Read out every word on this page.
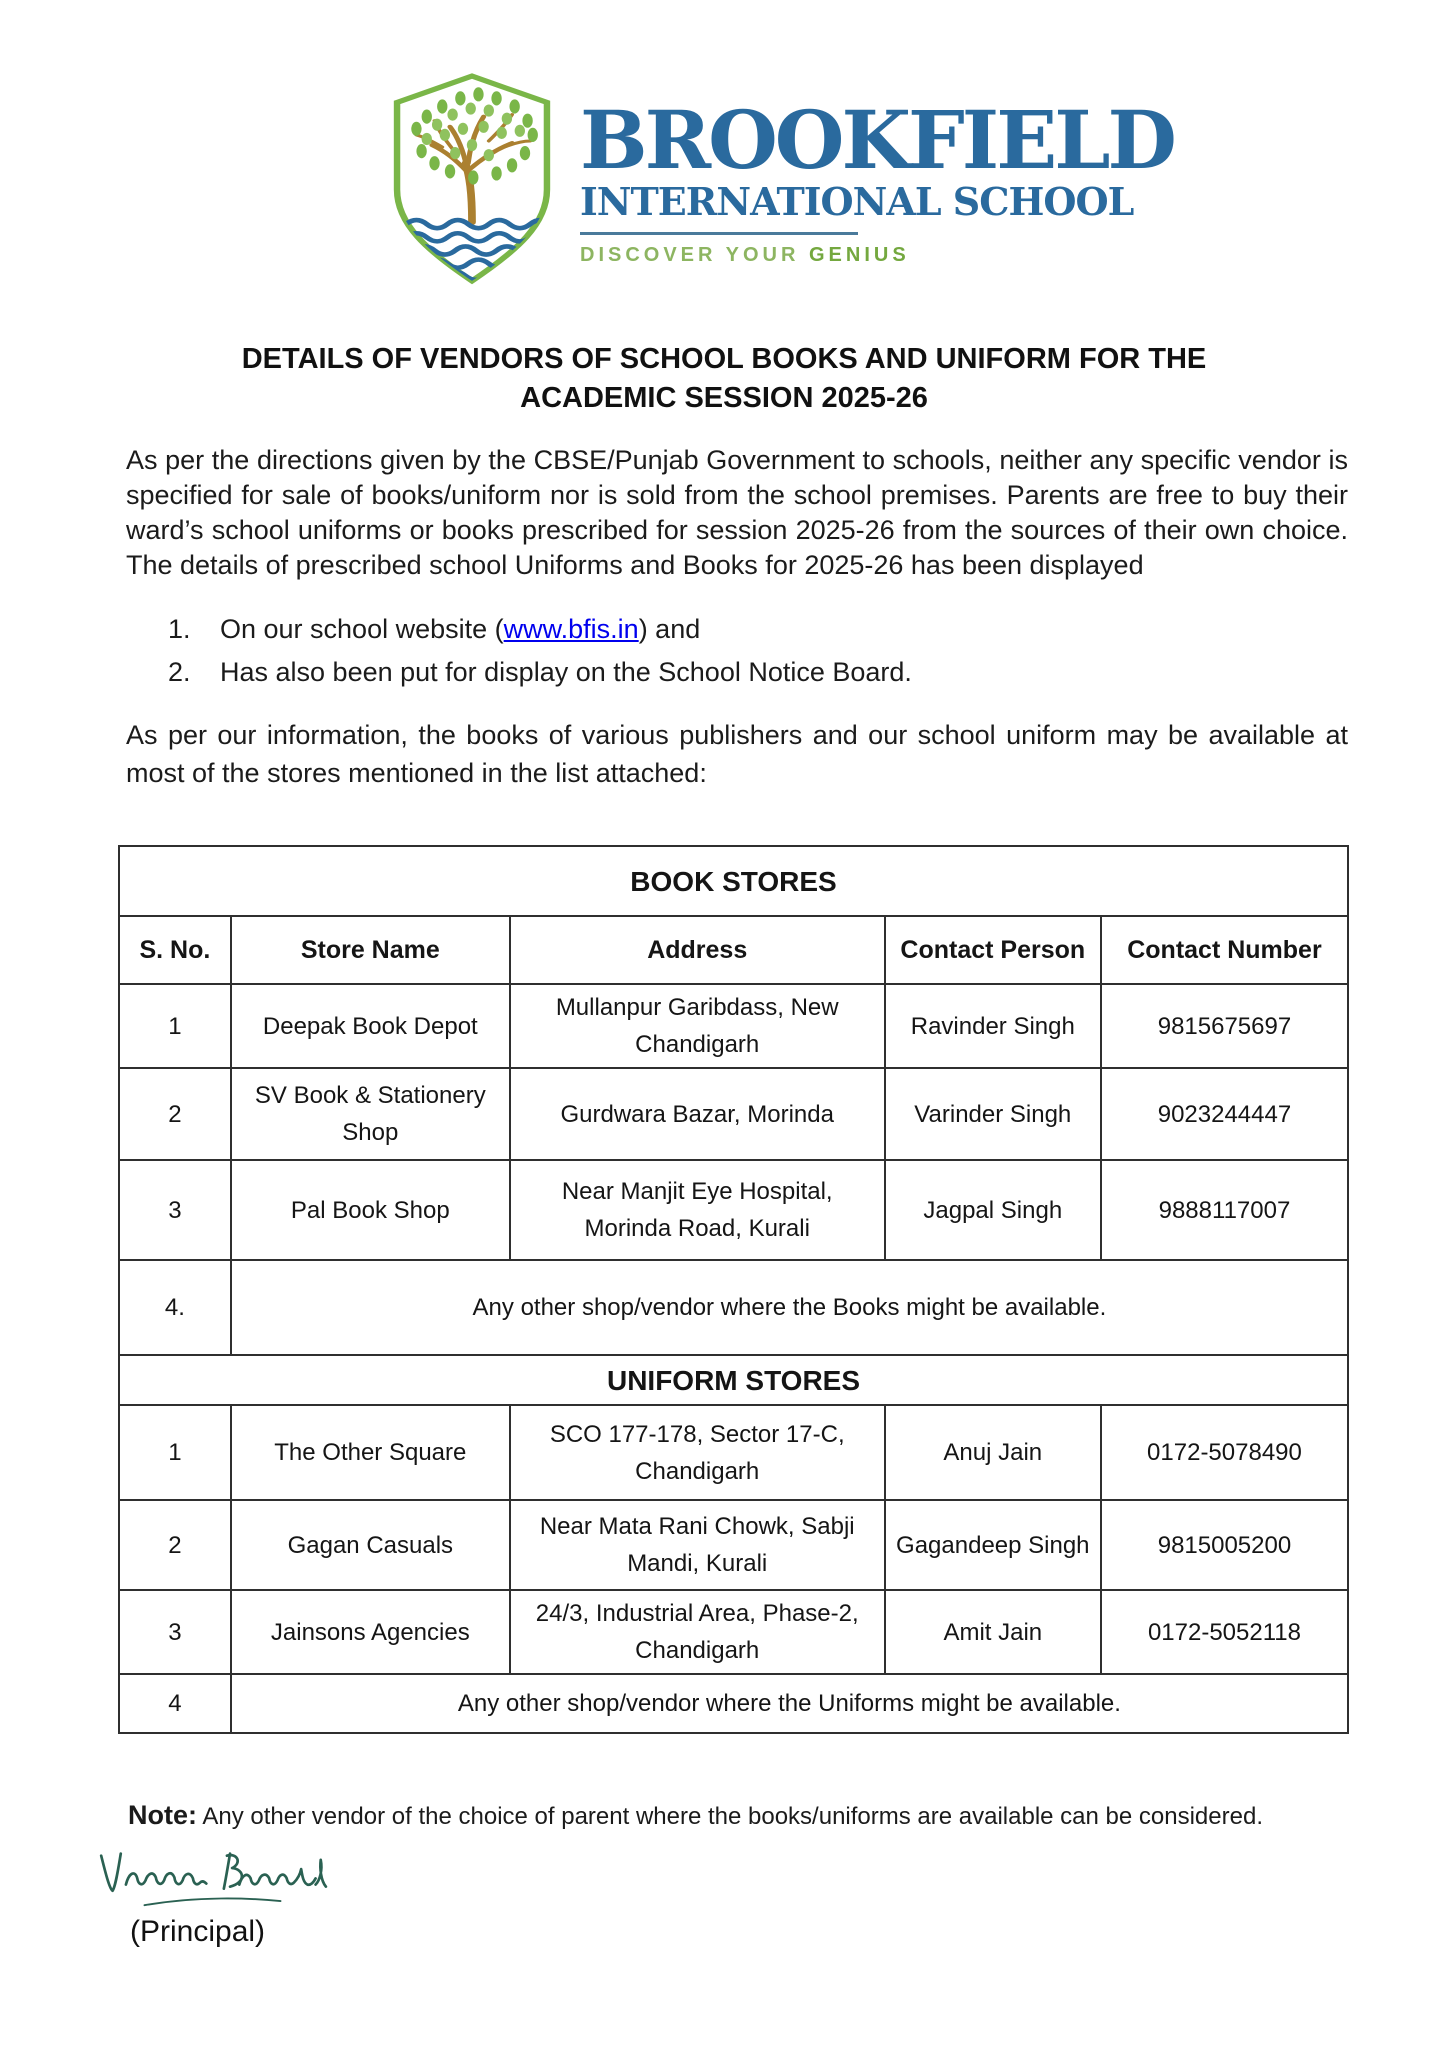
BROOKFIELD
INTERNATIONAL SCHOOL
DISCOVER YOUR GENIUS
DETAILS OF VENDORS OF SCHOOL BOOKS AND UNIFORM FOR THE
ACADEMIC SESSION 2025-26
As per the directions given by the CBSE/Punjab Government to schools, neither any specific vendor is specified for sale of books/uniform nor is sold from the school premises. Parents are free to buy their ward’s school uniforms or books prescribed for session 2025-26 from the sources of their own choice. The details of prescribed school Uniforms and Books for 2025-26 has been displayed
1.	On our school website (www.bfis.in) and
2.	Has also been put for display on the School Notice Board.
As per our information, the books of various publishers and our school uniform may be available at most of the stores mentioned in the list attached:
BOOK STORES				
S. No.	Store Name	Address	Contact Person	Contact Number
1	Deepak Book Depot	Mullanpur Garibdass, New Chandigarh	Ravinder Singh	9815675697
2	SV Book & Stationery Shop	Gurdwara Bazar, Morinda	Varinder Singh	9023244447
3	Pal Book Shop	Near Manjit Eye Hospital, Morinda Road, Kurali	Jagpal Singh	9888117007
4.	Any other shop/vendor where the Books might be available.			
UNIFORM STORES				
1	The Other Square	SCO 177-178, Sector 17-C, Chandigarh	Anuj Jain	0172-5078490
2	Gagan Casuals	Near Mata Rani Chowk, Sabji Mandi, Kurali	Gagandeep Singh	9815005200
3	Jainsons Agencies	24/3, Industrial Area, Phase-2, Chandigarh	Amit Jain	0172-5052118
4	Any other shop/vendor where the Uniforms might be available.			
Note: Any other vendor of the choice of parent where the books/uniforms are available can be considered.
(Principal)
